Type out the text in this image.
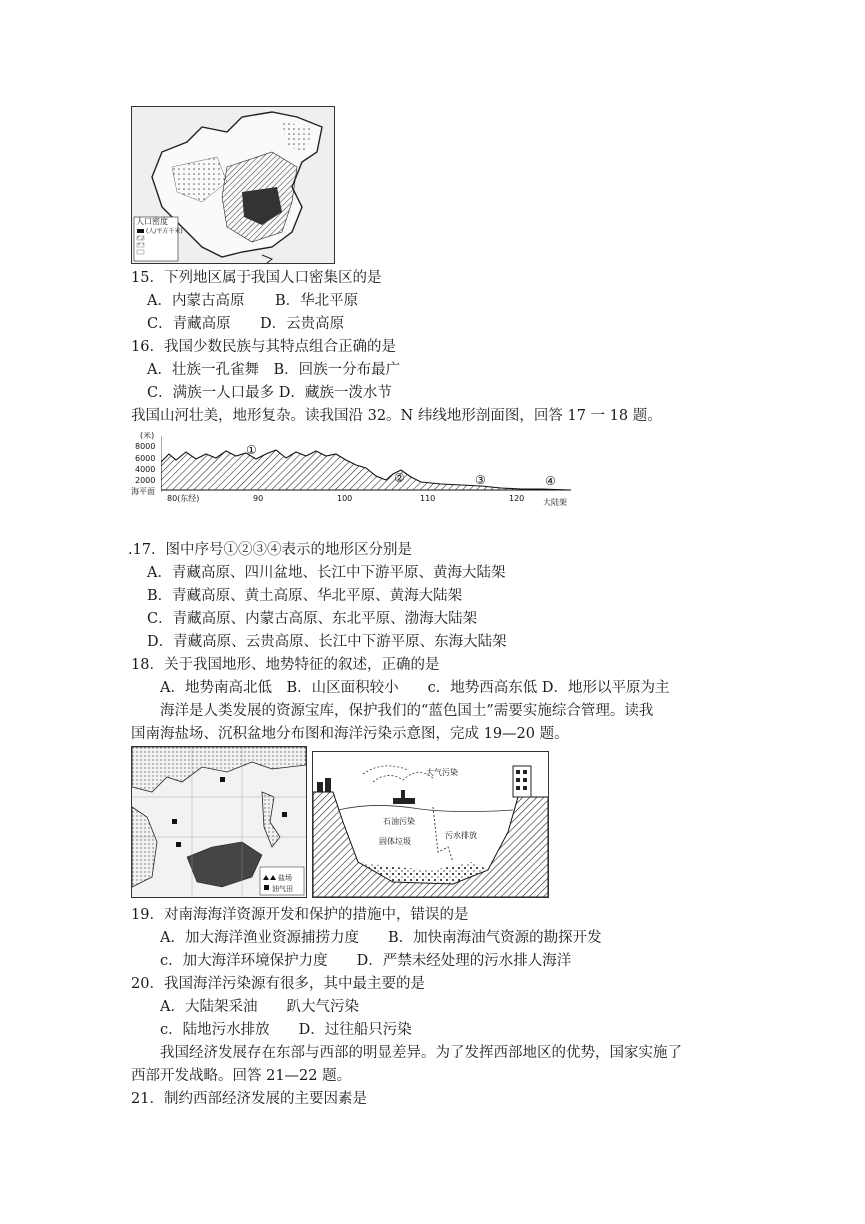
人口密度
(人/平方千米)
15．下列地区属于我国人口密集区的是
A．内蒙古高原 B．华北平原
C．青藏高原 D．云贵高原
16．我国少数民族与其特点组合正确的是
A．壮族一孔雀舞　B．回族一分布最广
C．满族一人口最多 D．藏族一泼水节
我国山河壮美，地形复杂。读我国沿 32。N 纬线地形剖面图，回答 17 一 18 题。
(米)
8000
6000
4000
2000
海平面
80(东经)	90	100	110	120 大陆架
①
②	③	④
.17．图中序号①②③④表示的地形区分别是
A．青藏高原、四川盆地、长江中下游平原、黄海大陆架
B．青藏高原、黄土高原、华北平原、黄海大陆架
C．青藏高原、内蒙古高原、东北平原、渤海大陆架
D．青藏高原、云贵高原、长江中下游平原、东海大陆架
18．关于我国地形、地势特征的叙述，正确的是
A．地势南高北低　B．山区面积较小　　c．地势西高东低 D．地形以平原为主
海洋是人类发展的资源宝库，保护我们的“蓝色国土”需要实施综合管理。读我
国南海盐场、沉积盆地分布图和海洋污染示意图，完成 19—20 题。
盐场
油气田
大气污染
石油污染
固体垃圾
污水排放
19．对南海海洋资源开发和保护的措施中，错误的是
A．加大海洋渔业资源捕捞力度　　B．加快南海油气资源的勘探开发
c．加大海洋环境保护力度　　D．严禁未经处理的污水排人海洋
20．我国海洋污染源有很多，其中最主要的是
A．大陆架采油　　趴大气污染
c．陆地污水排放　　D．过往船只污染
我国经济发展存在东部与西部的明显差异。为了发挥西部地区的优势，国家实施了
西部开发战略。回答 21—22 题。
21．制约西部经济发展的主要因素是
